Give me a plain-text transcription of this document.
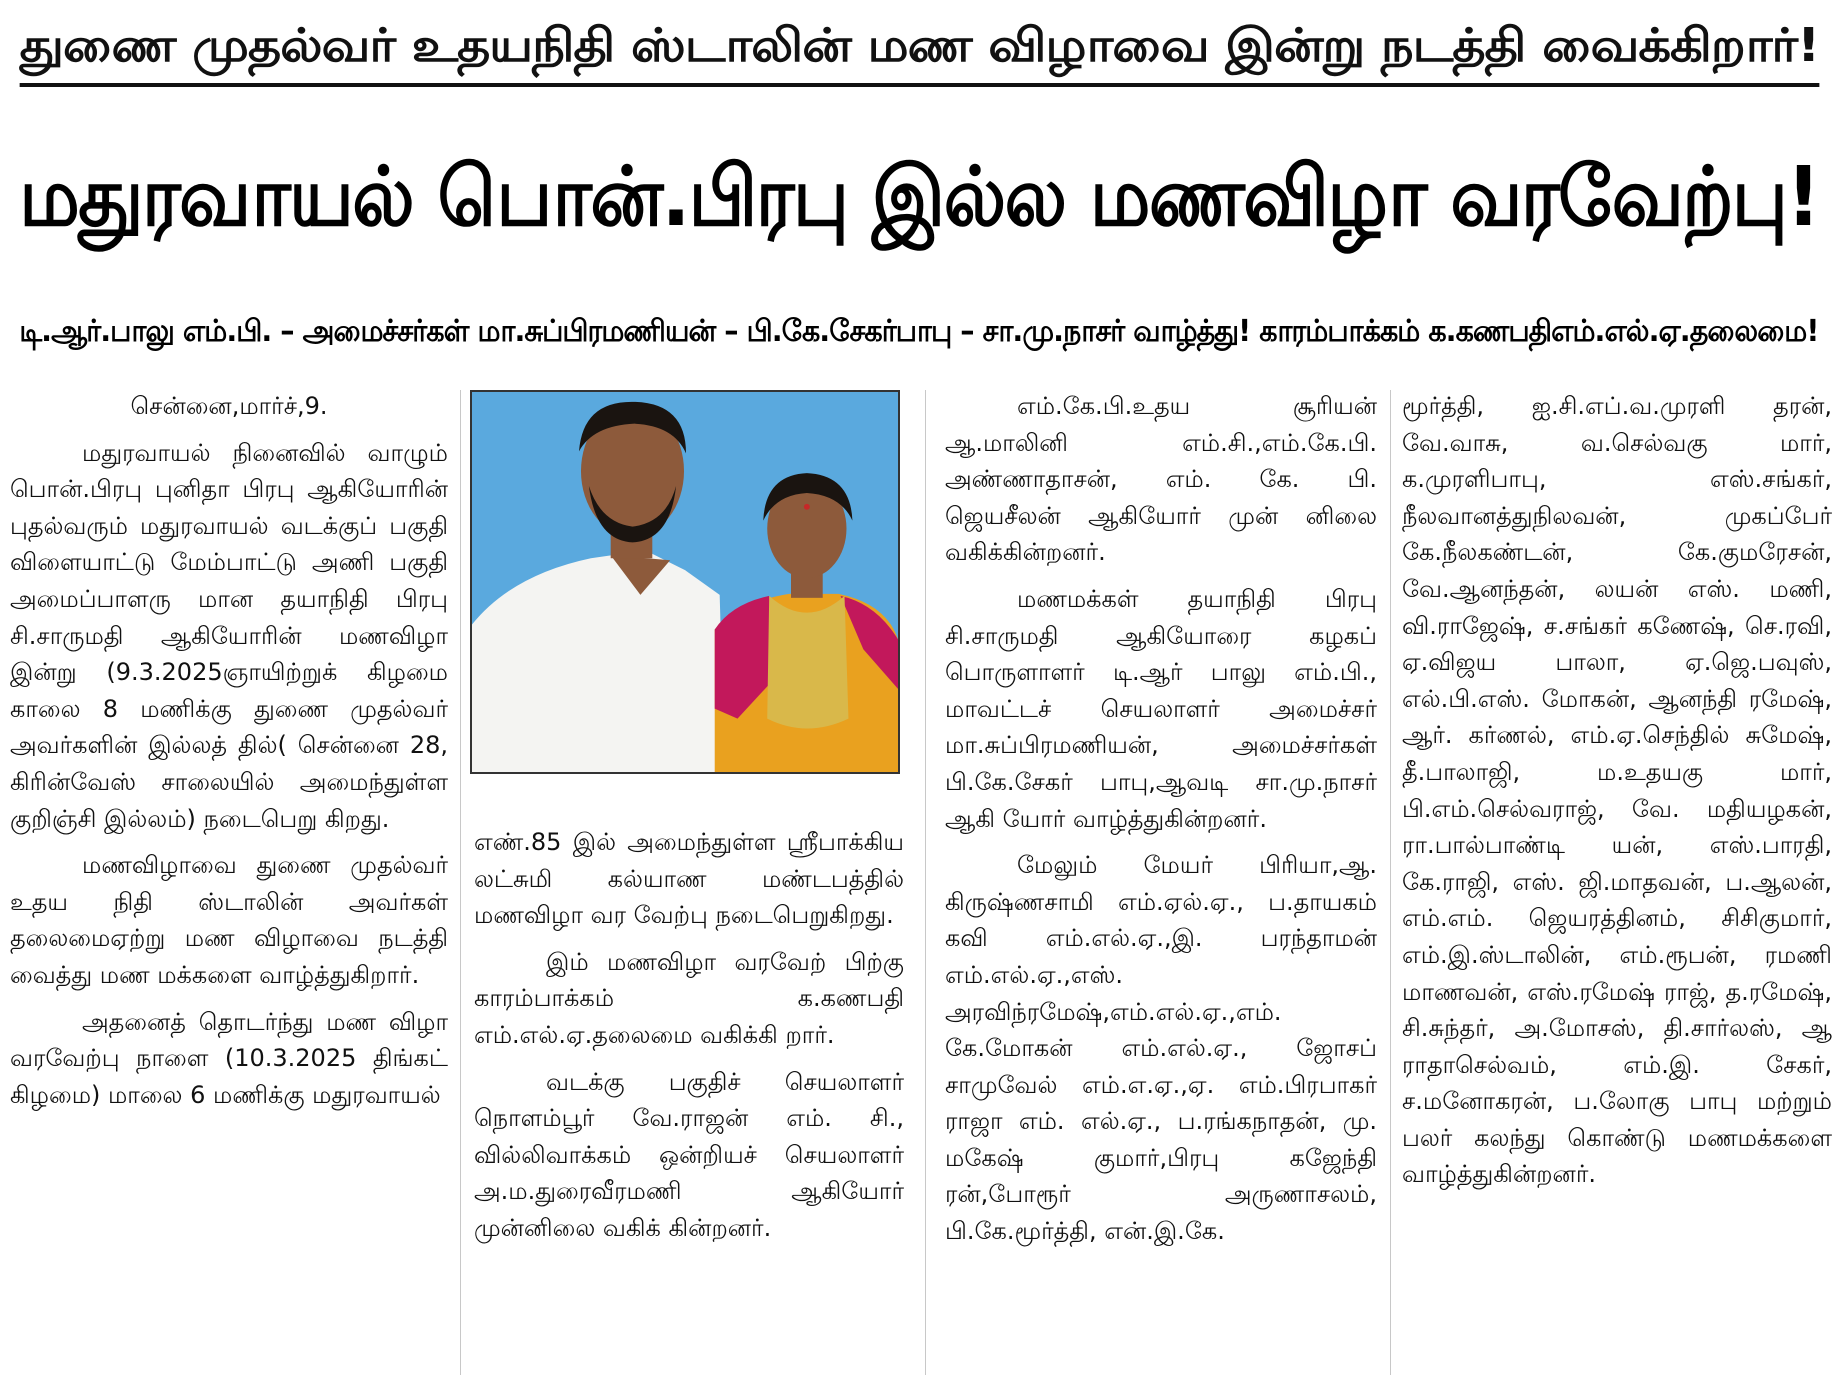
துணை முதல்வர் உதயநிதி ஸ்டாலின் மண விழாவை இன்று நடத்தி வைக்கிறார்!
மதுரவாயல் பொன்.பிரபு இல்ல மணவிழா வரவேற்பு!
டி.ஆர்.பாலு எம்.பி. – அமைச்சர்கள் மா.சுப்பிரமணியன் – பி.கே.சேகர்பாபு – சா.மு.நாசர் வாழ்த்து! காரம்பாக்கம் க.கணபதிஎம்.எல்.ஏ.தலைமை!

சென்னை,மார்ச்,9.

மதுரவாயல் நினைவில் வாழும் பொன்.பிரபு புனிதா பிரபு ஆகியோரின் புதல்வரும் மதுரவாயல் வடக்குப் பகுதி விளையாட்டு மேம்பாட்டு அணி பகுதி அமைப்பாளரு மான தயாநிதி பிரபு சி.சாருமதி ஆகியோரின் மணவிழா இன்று (9.3.2025ஞாயிற்றுக் கிழமை காலை 8 மணிக்கு துணை முதல்வர் அவர்களின் இல்லத் தில்( சென்னை 28, கிரின்வேஸ் சாலையில் அமைந்துள்ள குறிஞ்சி இல்லம்) நடைபெறு கிறது.

மணவிழாவை துணை முதல்வர் உதய நிதி ஸ்டாலின் அவர்கள் தலைமைஏற்று மண விழாவை நடத்தி வைத்து மண மக்களை வாழ்த்துகிறார்.

அதனைத் தொடர்ந்து மண விழா வரவேற்பு நாளை (10.3.2025 திங்கட் கிழமை) மாலை 6 மணிக்கு மதுரவாயல்

எண்.85 இல் அமைந்துள்ள ஸ்ரீபாக்கிய லட்சுமி கல்யாண மண்டபத்தில் மணவிழா வர வேற்பு நடைபெறுகிறது.

இம் மணவிழா வரவேற் பிற்கு காரம்பாக்கம் க.கணபதி எம்.எல்.ஏ.தலைமை வகிக்கி றார்.

வடக்கு பகுதிச் செயலாளர் நொளம்பூர் வே.ராஜன் எம். சி., வில்லிவாக்கம் ஒன்றியச் செயலாளர் அ.ம.துரைவீரமணி ஆகியோர் முன்னிலை வகிக் கின்றனர்.

எம்.கே.பி.உதய சூரியன் ஆ.மாலினி எம்.சி.,எம்.கே.பி. அண்ணாதாசன், எம். கே. பி. ஜெயசீலன் ஆகியோர் முன் னிலை வகிக்கின்றனர்.

மணமக்கள் தயாநிதி பிரபு சி.சாருமதி ஆகியோரை கழகப் பொருளாளர் டி.ஆர் பாலு எம்.பி., மாவட்டச் செயலாளர் அமைச்சர் மா.சுப்பிரமணியன், அமைச்சர்கள் பி.கே.சேகர் பாபு,ஆவடி சா.மு.நாசர் ஆகி யோர் வாழ்த்துகின்றனர்.

மேலும் மேயர் பிரியா,ஆ. கிருஷ்ணசாமி எம்.ஏல்.ஏ., ப.தாயகம் கவி எம்.எல்.ஏ.,இ. பரந்தாமன் எம்.எல்.ஏ.,எஸ். அரவிந்ரமேஷ்,எம்.எல்.ஏ.,எம். கே.மோகன் எம்.எல்.ஏ., ஜோசப் சாமுவேல் எம்.எ.ஏ.,ஏ. எம்.பிரபாகர் ராஜா எம். எல்.ஏ., ப.ரங்கநாதன், மு. மகேஷ் குமார்,பிரபு கஜேந்தி ரன்,போரூர் அருணாசலம், பி.கே.மூர்த்தி, என்.இ.கே.

மூர்த்தி, ஐ.சி.எப்.வ.முரளி தரன், வே.வாசு, வ.செல்வகு மார், க.முரளிபாபு, எஸ்.சங்கர், நீலவானத்துநிலவன், முகப்பேர் கே.நீலகண்டன், கே.குமரேசன், வே.ஆனந்தன், லயன் எஸ். மணி, வி.ராஜேஷ், ச.சங்கர் கணேஷ், செ.ரவி, ஏ.விஜய பாலா, ஏ.ஜெ.பவுஸ், எல்.பி.எஸ். மோகன், ஆனந்தி ரமேஷ், ஆர். கர்ணல், எம்.ஏ.செந்தில் சுமேஷ், தீ.பாலாஜி, ம.உதயகு மார், பி.எம்.செல்வராஜ், வே. மதியழகன், ரா.பால்பாண்டி யன், எஸ்.பாரதி, கே.ராஜி, எஸ். ஜி.மாதவன், ப.ஆலன், எம்.எம். ஜெயரத்தினம், சிசிகுமார், எம்.இ.ஸ்டாலின், எம்.ரூபன், ரமணி மாணவன், எஸ்.ரமேஷ் ராஜ், த.ரமேஷ், சி.சுந்தர், அ.மோசஸ், தி.சார்லஸ், ஆ ராதாசெல்வம், எம்.இ. சேகர், ச.மனோகரன், ப.லோகு பாபு மற்றும் பலர் கலந்து கொண்டு மணமக்களை வாழ்த்துகின்றனர்.
